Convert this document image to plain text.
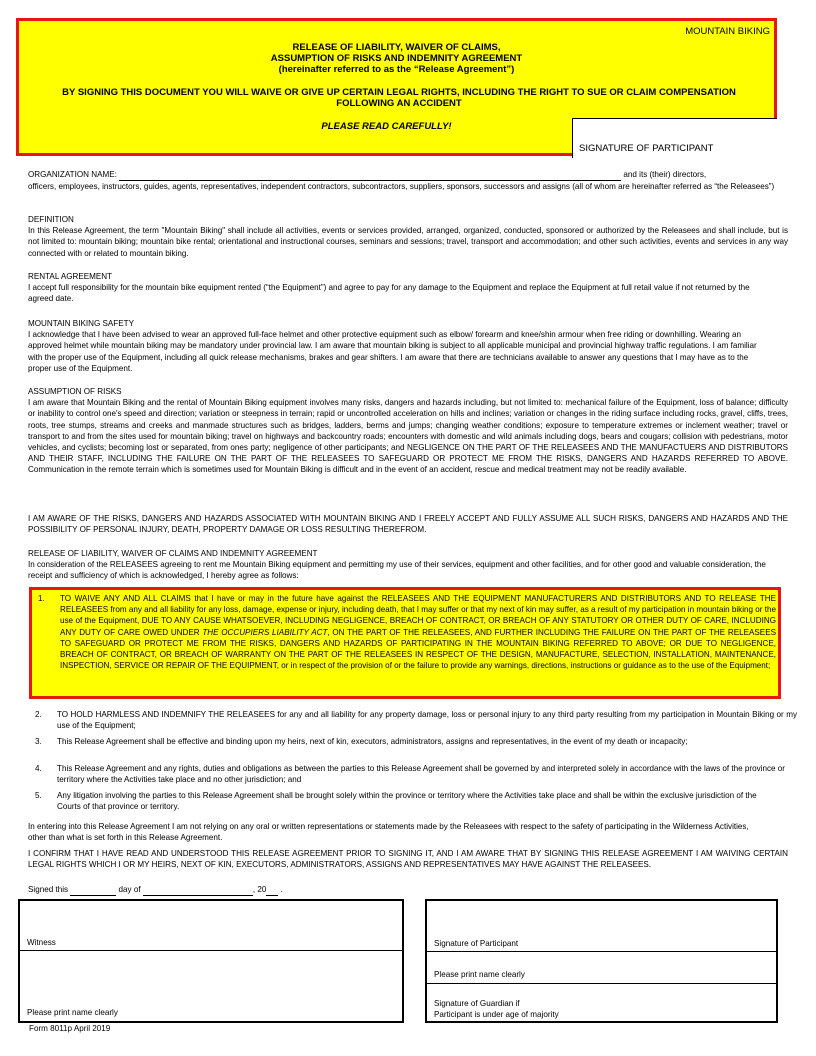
MOUNTAIN BIKING
RELEASE OF LIABILITY, WAIVER OF CLAIMS,
ASSUMPTION OF RISKS AND INDEMNITY AGREEMENT
(hereinafter referred to as the “Release Agreement”)
BY SIGNING THIS DOCUMENT YOU WILL WAIVE OR GIVE UP CERTAIN LEGAL RIGHTS, INCLUDING THE RIGHT TO SUE OR CLAIM COMPENSATION FOLLOWING AN ACCIDENT
PLEASE READ CAREFULLY!
SIGNATURE OF PARTICIPANT
ORGANIZATION NAME:	and its (their) directors,
officers, employees, instructors, guides, agents, representatives, independent contractors, subcontractors, suppliers, sponsors, successors and assigns (all of whom are hereinafter referred as “the Releasees”)
DEFINITION
In this Release Agreement, the term "Mountain Biking" shall include all activities, events or services provided, arranged, organized, conducted, sponsored or authorized by the Releasees and shall include, but is not limited to: mountain biking; mountain bike rental; orientational and instructional courses, seminars and sessions; travel, transport and accommodation; and other such activities, events and services in any way connected with or related to mountain biking.
RENTAL AGREEMENT
I accept full responsibility for the mountain bike equipment rented (“the Equipment”) and agree to pay for any damage to the Equipment and replace the Equipment at full retail value if not returned by the agreed date.
MOUNTAIN BIKING SAFETY
I acknowledge that I have been advised to wear an approved full-face helmet and other protective equipment such as elbow/ forearm and knee/shin armour when free riding or downhilling. Wearing an approved helmet while mountain biking may be mandatory under provincial law. I am aware that mountain biking is subject to all applicable municipal and provincial highway traffic regulations. I am familiar with the proper use of the Equipment, including all quick release mechanisms, brakes and gear shifters. I am aware that there are technicians available to answer any questions that I may have as to the proper use of the Equipment.
ASSUMPTION OF RISKS
I am aware that Mountain Biking and the rental of Mountain Biking equipment involves many risks, dangers and hazards including, but not limited to: mechanical failure of the Equipment, loss of balance; difficulty or inability to control one's speed and direction; variation or steepness in terrain; rapid or uncontrolled acceleration on hills and inclines; variation or changes in the riding surface including rocks, gravel, cliffs, trees, roots, tree stumps, streams and creeks and manmade structures such as bridges, ladders, berms and jumps; changing weather conditions; exposure to temperature extremes or inclement weather; travel or transport to and from the sites used for mountain biking; travel on highways and backcountry roads; encounters with domestic and wild animals including dogs, bears and cougars; collision with pedestrians, motor vehicles, and cyclists; becoming lost or separated, from ones party; negligence of other participants; and NEGLIGENCE ON THE PART OF THE RELEASEES AND THE MANUFACTUERS AND DISTRIBUTORS AND THEIR STAFF, INCLUDING THE FAILURE ON THE PART OF THE RELEASEES TO SAFEGUARD OR PROTECT ME FROM THE RISKS, DANGERS AND HAZARDS REFERRED TO ABOVE. Communication in the remote terrain which is sometimes used for Mountain Biking is difficult and in the event of an accident, rescue and medical treatment may not be readily available.
I AM AWARE OF THE RISKS, DANGERS AND HAZARDS ASSOCIATED WITH MOUNTAIN BIKING AND I FREELY ACCEPT AND FULLY ASSUME ALL SUCH RISKS, DANGERS AND HAZARDS AND THE POSSIBILITY OF PERSONAL INJURY, DEATH, PROPERTY DAMAGE OR LOSS RESULTING THEREFROM.
RELEASE OF LIABILITY, WAIVER OF CLAIMS AND INDEMNITY AGREEMENT
In consideration of the RELEASEES agreeing to rent me Mountain Biking equipment and permitting my use of their services, equipment and other facilities, and for other good and valuable consideration, the receipt and sufficiency of which is acknowledged, I hereby agree as follows:
1. TO WAIVE ANY AND ALL CLAIMS that I have or may in the future have against the RELEASEES AND THE EQUIPMENT MANUFACTURERS AND DISTRIBUTORS AND TO RELEASE THE RELEASEES from any and all liability for any loss, damage, expense or injury, including death, that I may suffer or that my next of kin may suffer, as a result of my participation in mountain biking or the use of the Equipment, DUE TO ANY CAUSE WHATSOEVER, INCLUDING NEGLIGENCE, BREACH OF CONTRACT, OR BREACH OF ANY STATUTORY OR OTHER DUTY OF CARE, INCLUDING ANY DUTY OF CARE OWED UNDER THE OCCUPIERS LIABILITY ACT, ON THE PART OF THE RELEASEES, AND FURTHER INCLUDING THE FAILURE ON THE PART OF THE RELEASEES TO SAFEGUARD OR PROTECT ME FROM THE RISKS, DANGERS AND HAZARDS OF PARTICIPATING IN THE MOUNTAIN BIKING REFERRED TO ABOVE; OR DUE TO NEGLIGENCE, BREACH OF CONTRACT, OR BREACH OF WARRANTY ON THE PART OF THE RELEASEES IN RESPECT OF THE DESIGN, MANUFACTURE, SELECTION, INSTALLATION, MAINTENANCE, INSPECTION, SERVICE OR REPAIR OF THE EQUIPMENT, or in respect of the provision of or the failure to provide any warnings, directions, instructions or guidance as to the use of the Equipment;
2. TO HOLD HARMLESS AND INDEMNIFY THE RELEASEES for any and all liability for any property damage, loss or personal injury to any third party resulting from my participation in Mountain Biking or my use of the Equipment;
3. This Release Agreement shall be effective and binding upon my heirs, next of kin, executors, administrators, assigns and representatives, in the event of my death or incapacity;
4. This Release Agreement and any rights, duties and obligations as between the parties to this Release Agreement shall be governed by and interpreted solely in accordance with the laws of the province or territory where the Activities take place and no other jurisdiction; and
5. Any litigation involving the parties to this Release Agreement shall be brought solely within the province or territory where the Activities take place and shall be within the exclusive jurisdiction of the Courts of that province or territory.
In entering into this Release Agreement I am not relying on any oral or written representations or statements made by the Releasees with respect to the safety of participating in the Wilderness Activities, other than what is set forth in this Release Agreement.
I CONFIRM THAT I HAVE READ AND UNDERSTOOD THIS RELEASE AGREEMENT PRIOR TO SIGNING IT, AND I AM AWARE THAT BY SIGNING THIS RELEASE AGREEMENT I AM WAIVING CERTAIN LEGAL RIGHTS WHICH I OR MY HEIRS, NEXT OF KIN, EXECUTORS, ADMINISTRATORS, ASSIGNS AND REPRESENTATIVES MAY HAVE AGAINST THE RELEASEES.
Signed this	day of	, 20 .
Witness
Please print name clearly
Signature of Participant
Please print name clearly
Signature of Guardian if
Participant is under age of majority
Form 8011p April 2019
